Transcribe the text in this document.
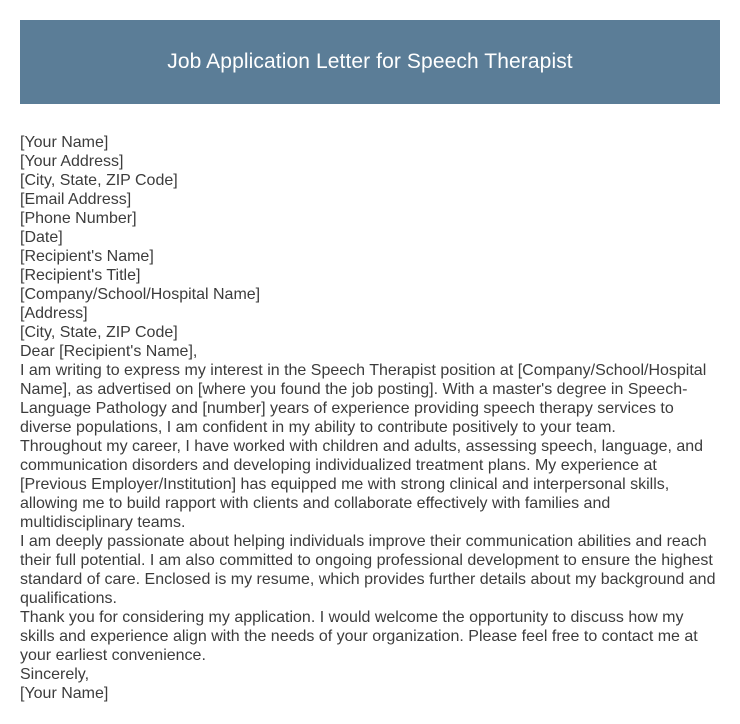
Job Application Letter for Speech Therapist
[Your Name]
[Your Address]
[City, State, ZIP Code]
[Email Address]
[Phone Number]
[Date]
[Recipient's Name]
[Recipient's Title]
[Company/School/Hospital Name]
[Address]
[City, State, ZIP Code]
Dear [Recipient's Name],

I am writing to express my interest in the Speech Therapist position at [Company/School/Hospital Name], as advertised on [where you found the job posting]. With a master's degree in Speech-Language Pathology and [number] years of experience providing speech therapy services to diverse populations, I am confident in my ability to contribute positively to your team.

Throughout my career, I have worked with children and adults, assessing speech, language, and communication disorders and developing individualized treatment plans. My experience at [Previous Employer/Institution] has equipped me with strong clinical and interpersonal skills, allowing me to build rapport with clients and collaborate effectively with families and multidisciplinary teams.

I am deeply passionate about helping individuals improve their communication abilities and reach their full potential. I am also committed to ongoing professional development to ensure the highest standard of care. Enclosed is my resume, which provides further details about my background and qualifications.

Thank you for considering my application. I would welcome the opportunity to discuss how my skills and experience align with the needs of your organization. Please feel free to contact me at your earliest convenience.

Sincerely,
[Your Name]
